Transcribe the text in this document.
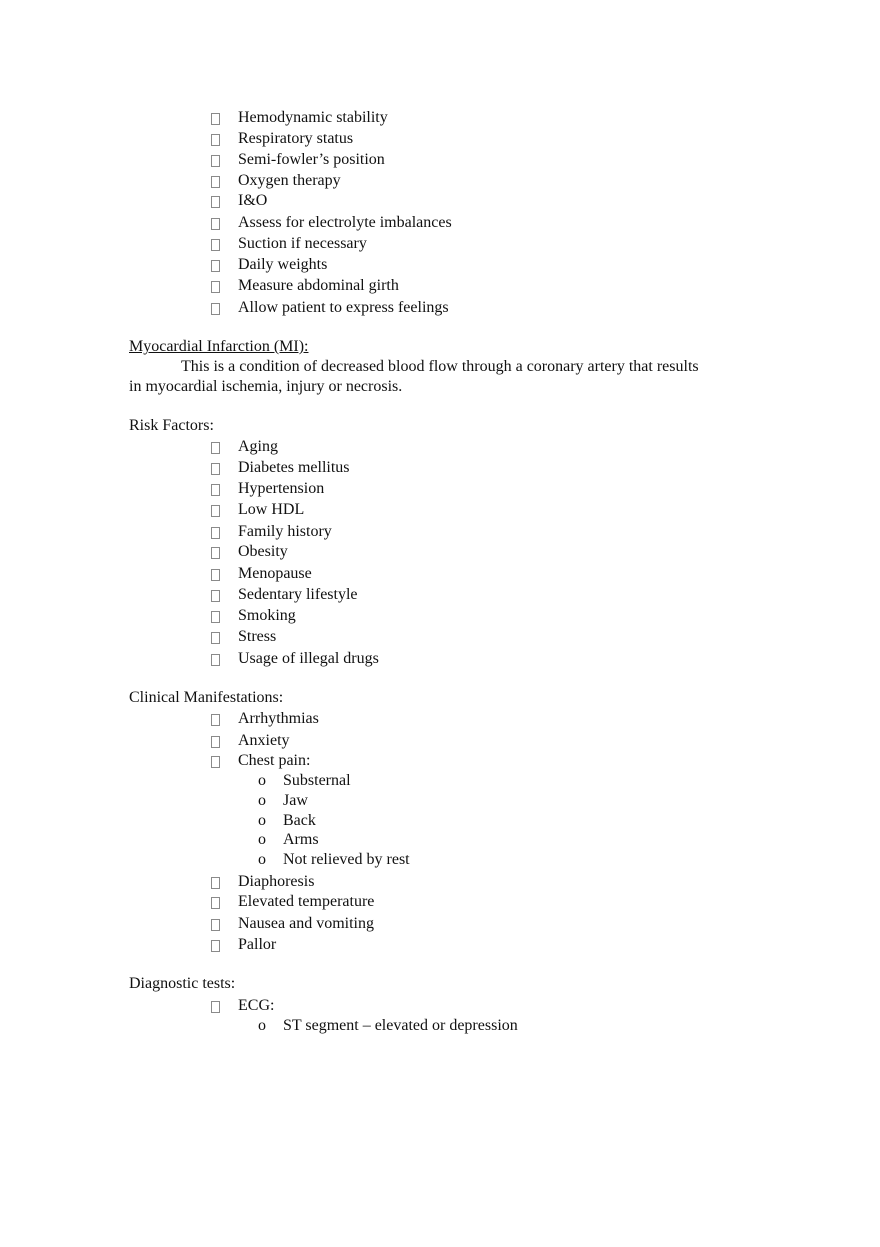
Hemodynamic stability
Respiratory status
Semi-fowler’s position
Oxygen therapy
I&O
Assess for electrolyte imbalances
Suction if necessary
Daily weights
Measure abdominal girth
Allow patient to express feelings
Myocardial Infarction (MI):
This is a condition of decreased blood flow through a coronary artery that results
in myocardial ischemia, injury or necrosis.
Risk Factors:
Aging
Diabetes mellitus
Hypertension
Low HDL
Family history
Obesity
Menopause
Sedentary lifestyle
Smoking
Stress
Usage of illegal drugs
Clinical Manifestations:
Arrhythmias
Anxiety
Chest pain:
o Substernal
o Jaw
o Back
o Arms
o Not relieved by rest
Diaphoresis
Elevated temperature
Nausea and vomiting
Pallor
Diagnostic tests:
ECG:
o ST segment – elevated or depression
